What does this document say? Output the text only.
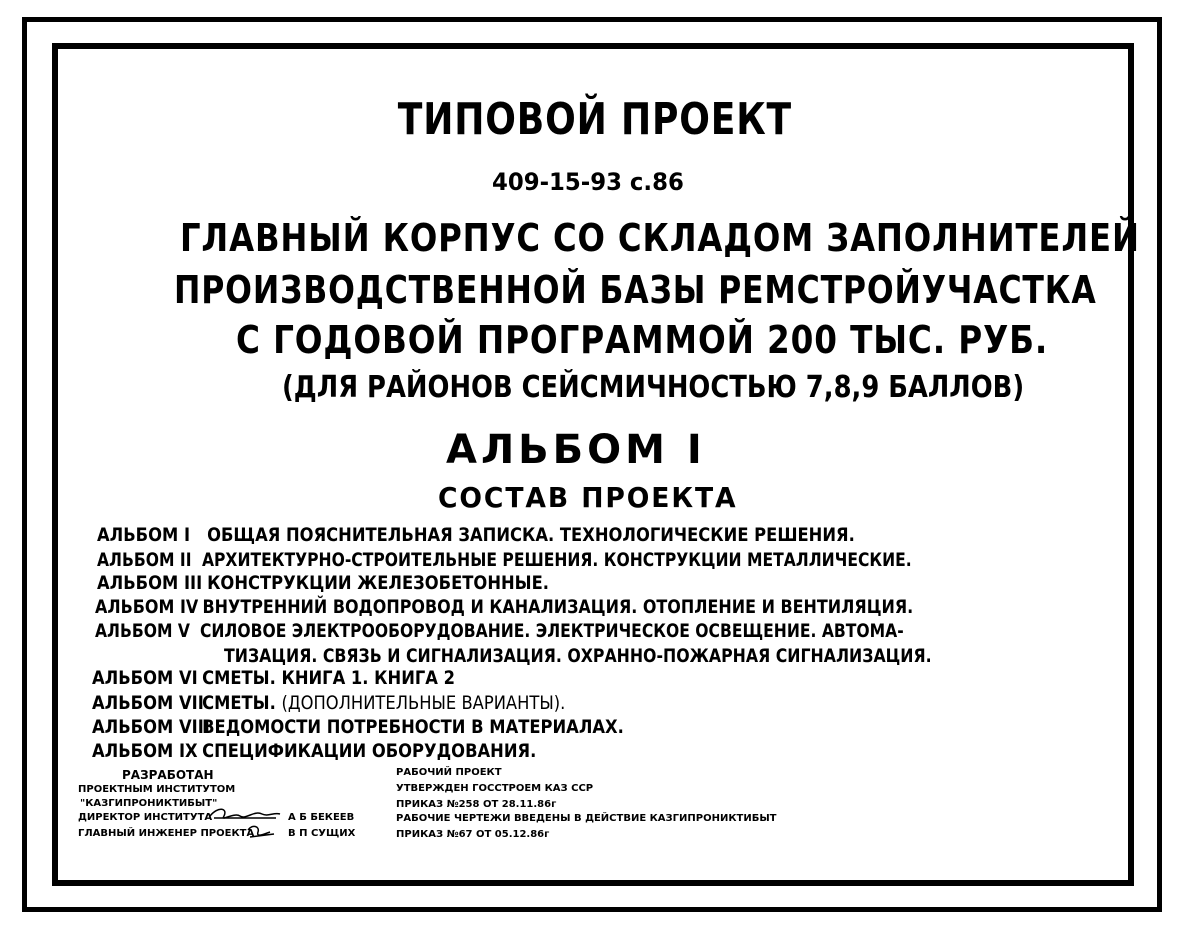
ТИПОВОЙ ПРОЕКТ
409-15-93 с.86
ГЛАВНЫЙ КОРПУС СО СКЛАДОМ ЗАПОЛНИТЕЛЕЙ
ПРОИЗВОДСТВЕННОЙ БАЗЫ РЕМСТРОЙУЧАСТКА
С ГОДОВОЙ ПРОГРАММОЙ 200 ТЫС. РУБ.
(ДЛЯ РАЙОНОВ СЕЙСМИЧНОСТЬЮ 7,8,9 БАЛЛОВ)
АЛЬБОМ I
СОСТАВ ПРОЕКТА
АЛЬБОМ I ОБЩАЯ ПОЯСНИТЕЛЬНАЯ ЗАПИСКА. ТЕХНОЛОГИЧЕСКИЕ РЕШЕНИЯ.
АЛЬБОМ II АРХИТЕКТУРНО-СТРОИТЕЛЬНЫЕ РЕШЕНИЯ. КОНСТРУКЦИИ МЕТАЛЛИЧЕСКИЕ.
АЛЬБОМ III КОНСТРУКЦИИ ЖЕЛЕЗОБЕТОННЫЕ.
АЛЬБОМ IV ВНУТРЕННИЙ ВОДОПРОВОД И КАНАЛИЗАЦИЯ. ОТОПЛЕНИЕ И ВЕНТИЛЯЦИЯ.
АЛЬБОМ V СИЛОВОЕ ЭЛЕКТРООБОРУДОВАНИЕ. ЭЛЕКТРИЧЕСКОЕ ОСВЕЩЕНИЕ. АВТОМА-
ТИЗАЦИЯ. СВЯЗЬ И СИГНАЛИЗАЦИЯ. ОХРАННО-ПОЖАРНАЯ СИГНАЛИЗАЦИЯ.
АЛЬБОМ VI СМЕТЫ. КНИГА 1. КНИГА 2
АЛЬБОМ VIIСМЕТЫ. (ДОПОЛНИТЕЛЬНЫЕ ВАРИАНТЫ).
АЛЬБОМ VIIIВЕДОМОСТИ ПОТРЕБНОСТИ В МАТЕРИАЛАХ.
АЛЬБОМ IX СПЕЦИФИКАЦИИ ОБОРУДОВАНИЯ.
РАЗРАБОТАН
ПРОЕКТНЫМ ИНСТИТУТОМ
"КАЗГИПРОНИКТИБЫТ"
ДИРЕКТОР ИНСТИТУТА	А Б БЕКЕЕВ
ГЛАВНЫЙ ИНЖЕНЕР ПРОЕКТА	В П СУЩИХ
РАБОЧИЙ ПРОЕКТ
УТВЕРЖДЕН ГОССТРОЕМ КАЗ ССР
ПРИКАЗ №258 ОТ 28.11.86г
РАБОЧИЕ ЧЕРТЕЖИ ВВЕДЕНЫ В ДЕЙСТВИЕ КАЗГИПРОНИКТИБЫТ
ПРИКАЗ №67 ОТ 05.12.86г
